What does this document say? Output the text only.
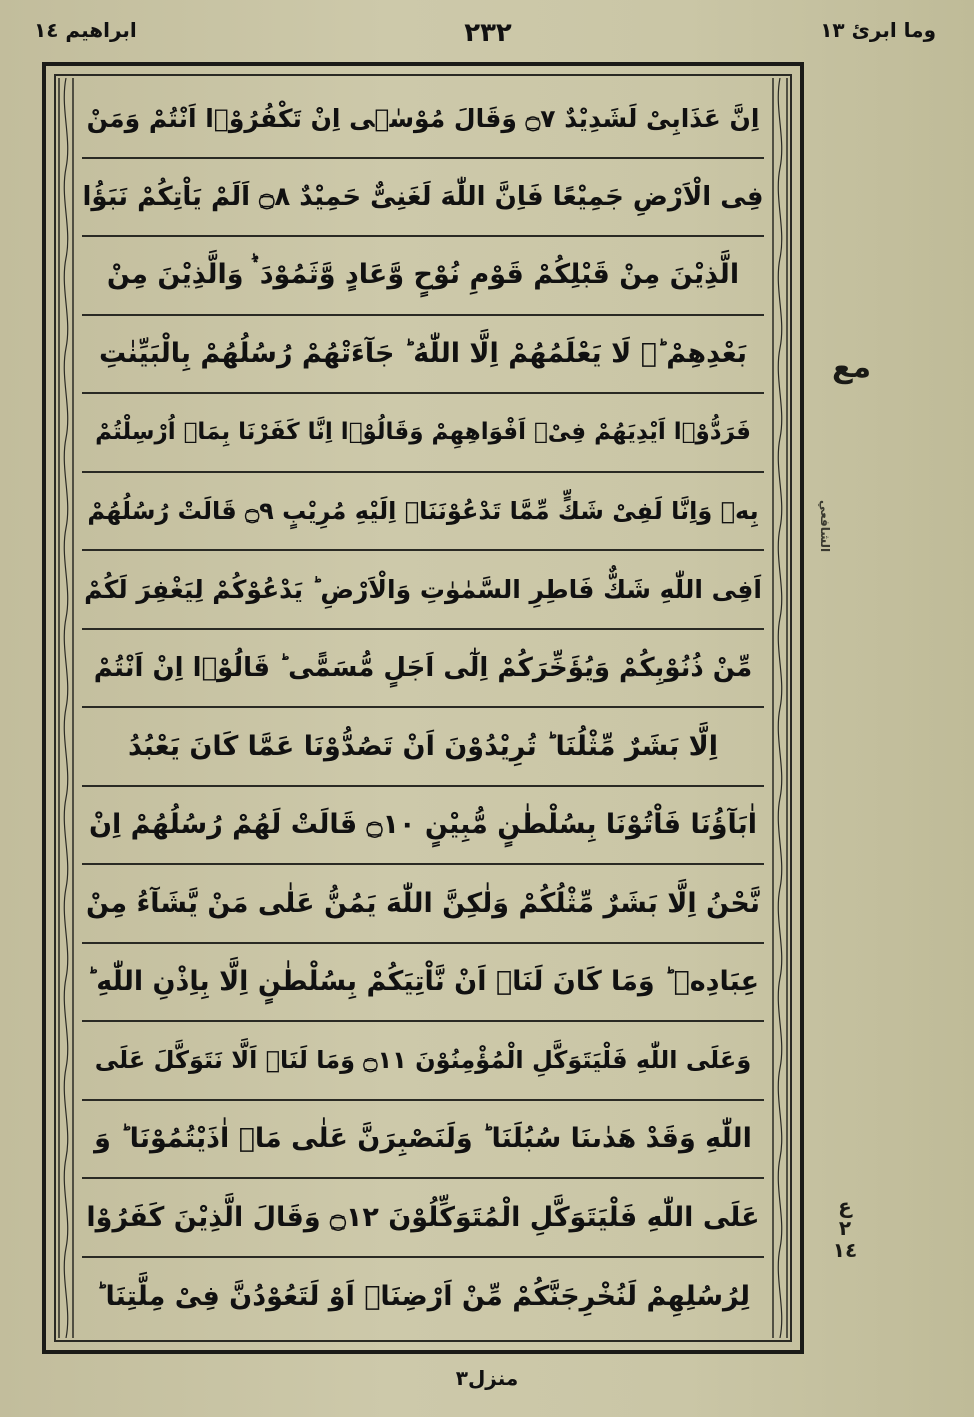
وما ابرئ ١٣
٢٣٢
ابراهيم ١٤
اِنَّ عَذَابِىْ لَشَدِيْدٌ ۝٧ وَقَالَ مُوْسٰۤى اِنْ تَكْفُرُوْۤا اَنْتُمْ وَمَنْ
فِى الْاَرْضِ جَمِيْعًا فَاِنَّ اللّٰهَ لَغَنِىٌّ حَمِيْدٌ ۝٨ اَلَمْ يَاْتِكُمْ نَبَؤُا
الَّذِيْنَ مِنْ قَبْلِكُمْ قَوْمِ نُوْحٍ وَّعَادٍ وَّثَمُوْدَ ۛؕ وَالَّذِيْنَ مِنْ
بَعْدِهِمْ ؕۛ لَا يَعْلَمُهُمْ اِلَّا اللّٰهُ ؕ جَآءَتْهُمْ رُسُلُهُمْ بِالْبَيِّنٰتِ
فَرَدُّوْۤا اَيْدِيَهُمْ فِىْۤ اَفْوَاهِهِمْ وَقَالُوْۤا اِنَّا كَفَرْنَا بِمَاۤ اُرْسِلْتُمْ
بِهٖ وَاِنَّا لَفِىْ شَكٍّ مِّمَّا تَدْعُوْنَنَاۤ اِلَيْهِ مُرِيْبٍ ۝٩ قَالَتْ رُسُلُهُمْ
اَفِى اللّٰهِ شَكٌّ فَاطِرِ السَّمٰوٰتِ وَالْاَرْضِ ؕ يَدْعُوْكُمْ لِيَغْفِرَ لَكُمْ
مِّنْ ذُنُوْبِكُمْ وَيُؤَخِّرَكُمْ اِلٰٓى اَجَلٍ مُّسَمًّى ؕ قَالُوْۤا اِنْ اَنْتُمْ
اِلَّا بَشَرٌ مِّثْلُنَا ؕ تُرِيْدُوْنَ اَنْ تَصُدُّوْنَا عَمَّا كَانَ يَعْبُدُ
اٰبَآؤُنَا فَاْتُوْنَا بِسُلْطٰنٍ مُّبِيْنٍ ۝١٠ قَالَتْ لَهُمْ رُسُلُهُمْ اِنْ
نَّحْنُ اِلَّا بَشَرٌ مِّثْلُكُمْ وَلٰكِنَّ اللّٰهَ يَمُنُّ عَلٰى مَنْ يَّشَآءُ مِنْ
عِبَادِهٖ ؕ وَمَا كَانَ لَنَاۤ اَنْ نَّاْتِيَكُمْ بِسُلْطٰنٍ اِلَّا بِاِذْنِ اللّٰهِ ؕ
وَعَلَى اللّٰهِ فَلْيَتَوَكَّلِ الْمُؤْمِنُوْنَ ۝١١ وَمَا لَنَاۤ اَلَّا نَتَوَكَّلَ عَلَى
اللّٰهِ وَقَدْ هَدٰٮنَا سُبُلَنَا ؕ وَلَنَصْبِرَنَّ عَلٰى مَاۤ اٰذَيْتُمُوْنَا ؕ وَ
عَلَى اللّٰهِ فَلْيَتَوَكَّلِ الْمُتَوَكِّلُوْنَ ۝١٢ وَقَالَ الَّذِيْنَ كَفَرُوْا
لِرُسُلِهِمْ لَنُخْرِجَنَّكُمْ مِّنْ اَرْضِنَاۤ اَوْ لَتَعُوْدُنَّ فِىْ مِلَّتِنَا ؕ
مع
الشافعي
ع ٢ ١٤
منزل٣
